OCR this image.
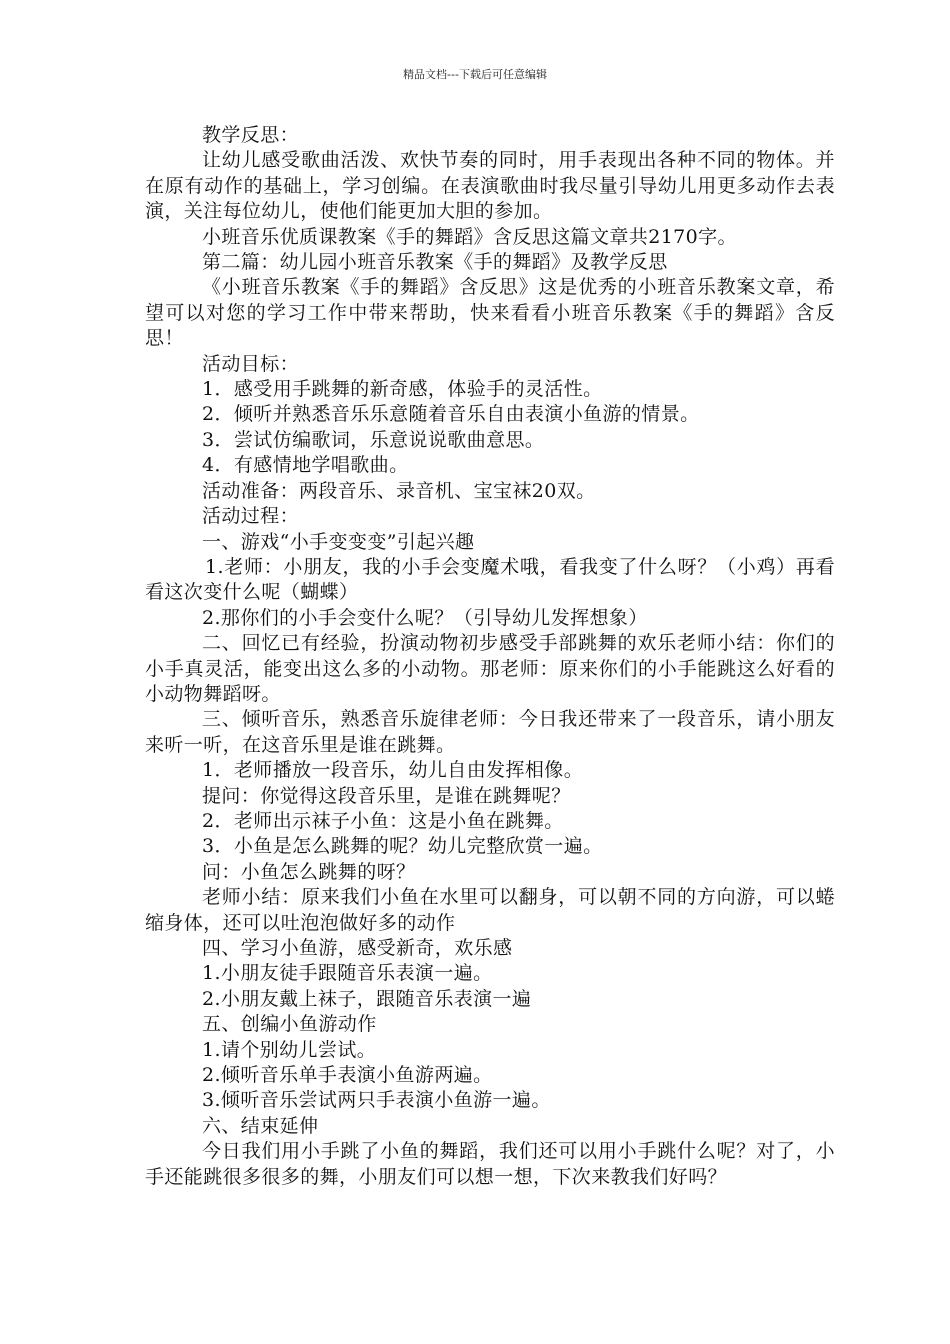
精品文档---下载后可任意编辑

教学反思：

让幼儿感受歌曲活泼、欢快节奏的同时，用手表现出各种不同的物体。并在原有动作的基础上，学习创编。在表演歌曲时我尽量引导幼儿用更多动作去表演，关注每位幼儿，使他们能更加大胆的参加。

小班音乐优质课教案《手的舞蹈》含反思这篇文章共2170字。

第二篇：幼儿园小班音乐教案《手的舞蹈》及教学反思

《小班音乐教案《手的舞蹈》含反思》这是优秀的小班音乐教案文章，希望可以对您的学习工作中带来帮助，快来看看小班音乐教案《手的舞蹈》含反思！

活动目标：

1．感受用手跳舞的新奇感，体验手的灵活性。

2．倾听并熟悉音乐乐意随着音乐自由表演小鱼游的情景。

3．尝试仿编歌词，乐意说说歌曲意思。

4．有感情地学唱歌曲。

活动准备：两段音乐、录音机、宝宝袜20双。

活动过程：

一、游戏“小手变变变”引起兴趣

1.老师：小朋友，我的小手会变魔术哦，看我变了什么呀？（小鸡）再看看这次变什么呢（蝴蝶）

2.那你们的小手会变什么呢？（引导幼儿发挥想象）

二、回忆已有经验，扮演动物初步感受手部跳舞的欢乐老师小结：你们的小手真灵活，能变出这么多的小动物。那老师：原来你们的小手能跳这么好看的小动物舞蹈呀。

三、倾听音乐，熟悉音乐旋律老师：今日我还带来了一段音乐，请小朋友来听一听，在这音乐里是谁在跳舞。

1．老师播放一段音乐，幼儿自由发挥相像。

提问：你觉得这段音乐里，是谁在跳舞呢？

2．老师出示袜子小鱼：这是小鱼在跳舞。

3．小鱼是怎么跳舞的呢？幼儿完整欣赏一遍。

问：小鱼怎么跳舞的呀？

老师小结：原来我们小鱼在水里可以翻身，可以朝不同的方向游，可以蜷缩身体，还可以吐泡泡做好多的动作

四、学习小鱼游，感受新奇，欢乐感

1.小朋友徒手跟随音乐表演一遍。

2.小朋友戴上袜子，跟随音乐表演一遍

五、创编小鱼游动作

1.请个别幼儿尝试。

2.倾听音乐单手表演小鱼游两遍。

3.倾听音乐尝试两只手表演小鱼游一遍。

六、结束延伸

今日我们用小手跳了小鱼的舞蹈，我们还可以用小手跳什么呢？对了，小手还能跳很多很多的舞，小朋友们可以想一想，下次来教我们好吗？
